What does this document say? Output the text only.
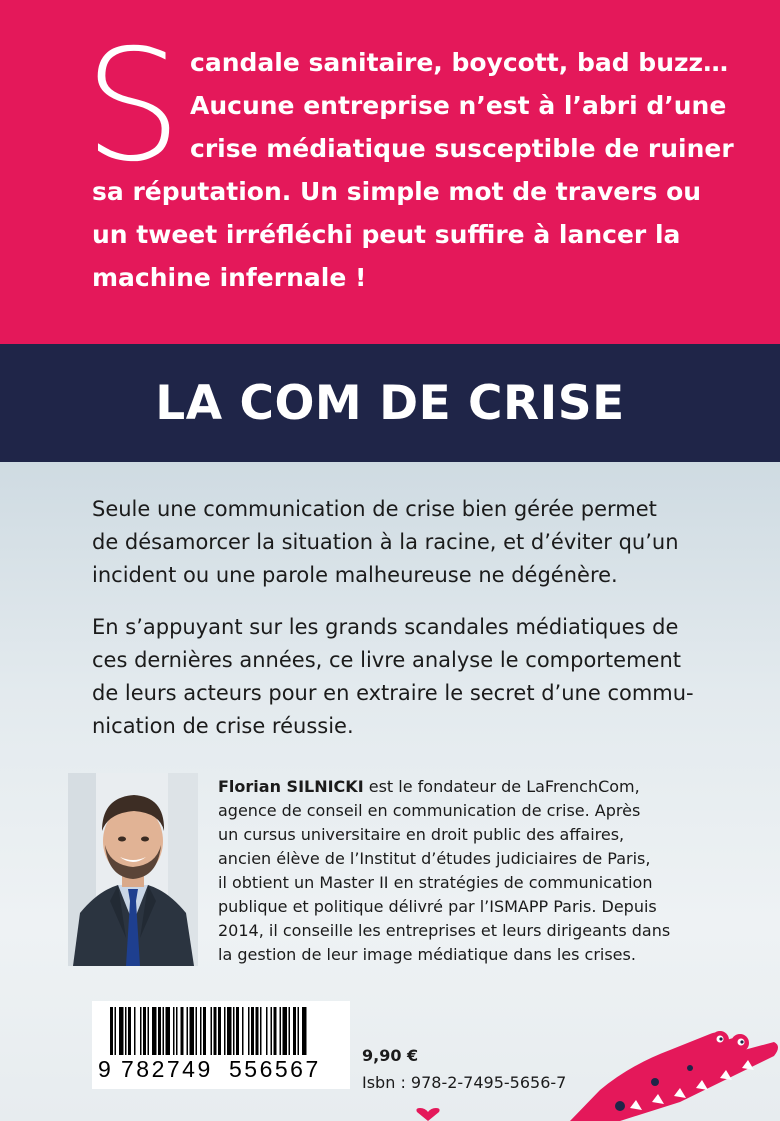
S candale sanitaire, boycott, bad buzz…
Aucune entreprise n’est à l’abri d’une
crise médiatique susceptible de ruiner
sa réputation. Un simple mot de travers ou
un tweet irréfléchi peut suffire à lancer la
machine infernale !
LA COM DE CRISE
Seule une communication de crise bien gérée permet
de désamorcer la situation à la racine, et d’éviter qu’un
incident ou une parole malheureuse ne dégénère.
En s’appuyant sur les grands scandales médiatiques de
ces dernières années, ce livre analyse le comportement
de leurs acteurs pour en extraire le secret d’une commu-
nication de crise réussie.
Florian SILNICKI est le fondateur de LaFrenchCom,
agence de conseil en communication de crise. Après
un cursus universitaire en droit public des affaires,
ancien élève de l’Institut d’études judiciaires de Paris,
il obtient un Master II en stratégies de communication
publique et politique délivré par l’ISMAPP Paris. Depuis
2014, il conseille les entreprises et leurs dirigeants dans
la gestion de leur image médiatique dans les crises.
9 782749 556567
9,90 €
Isbn : 978-2-7495-5656-7
